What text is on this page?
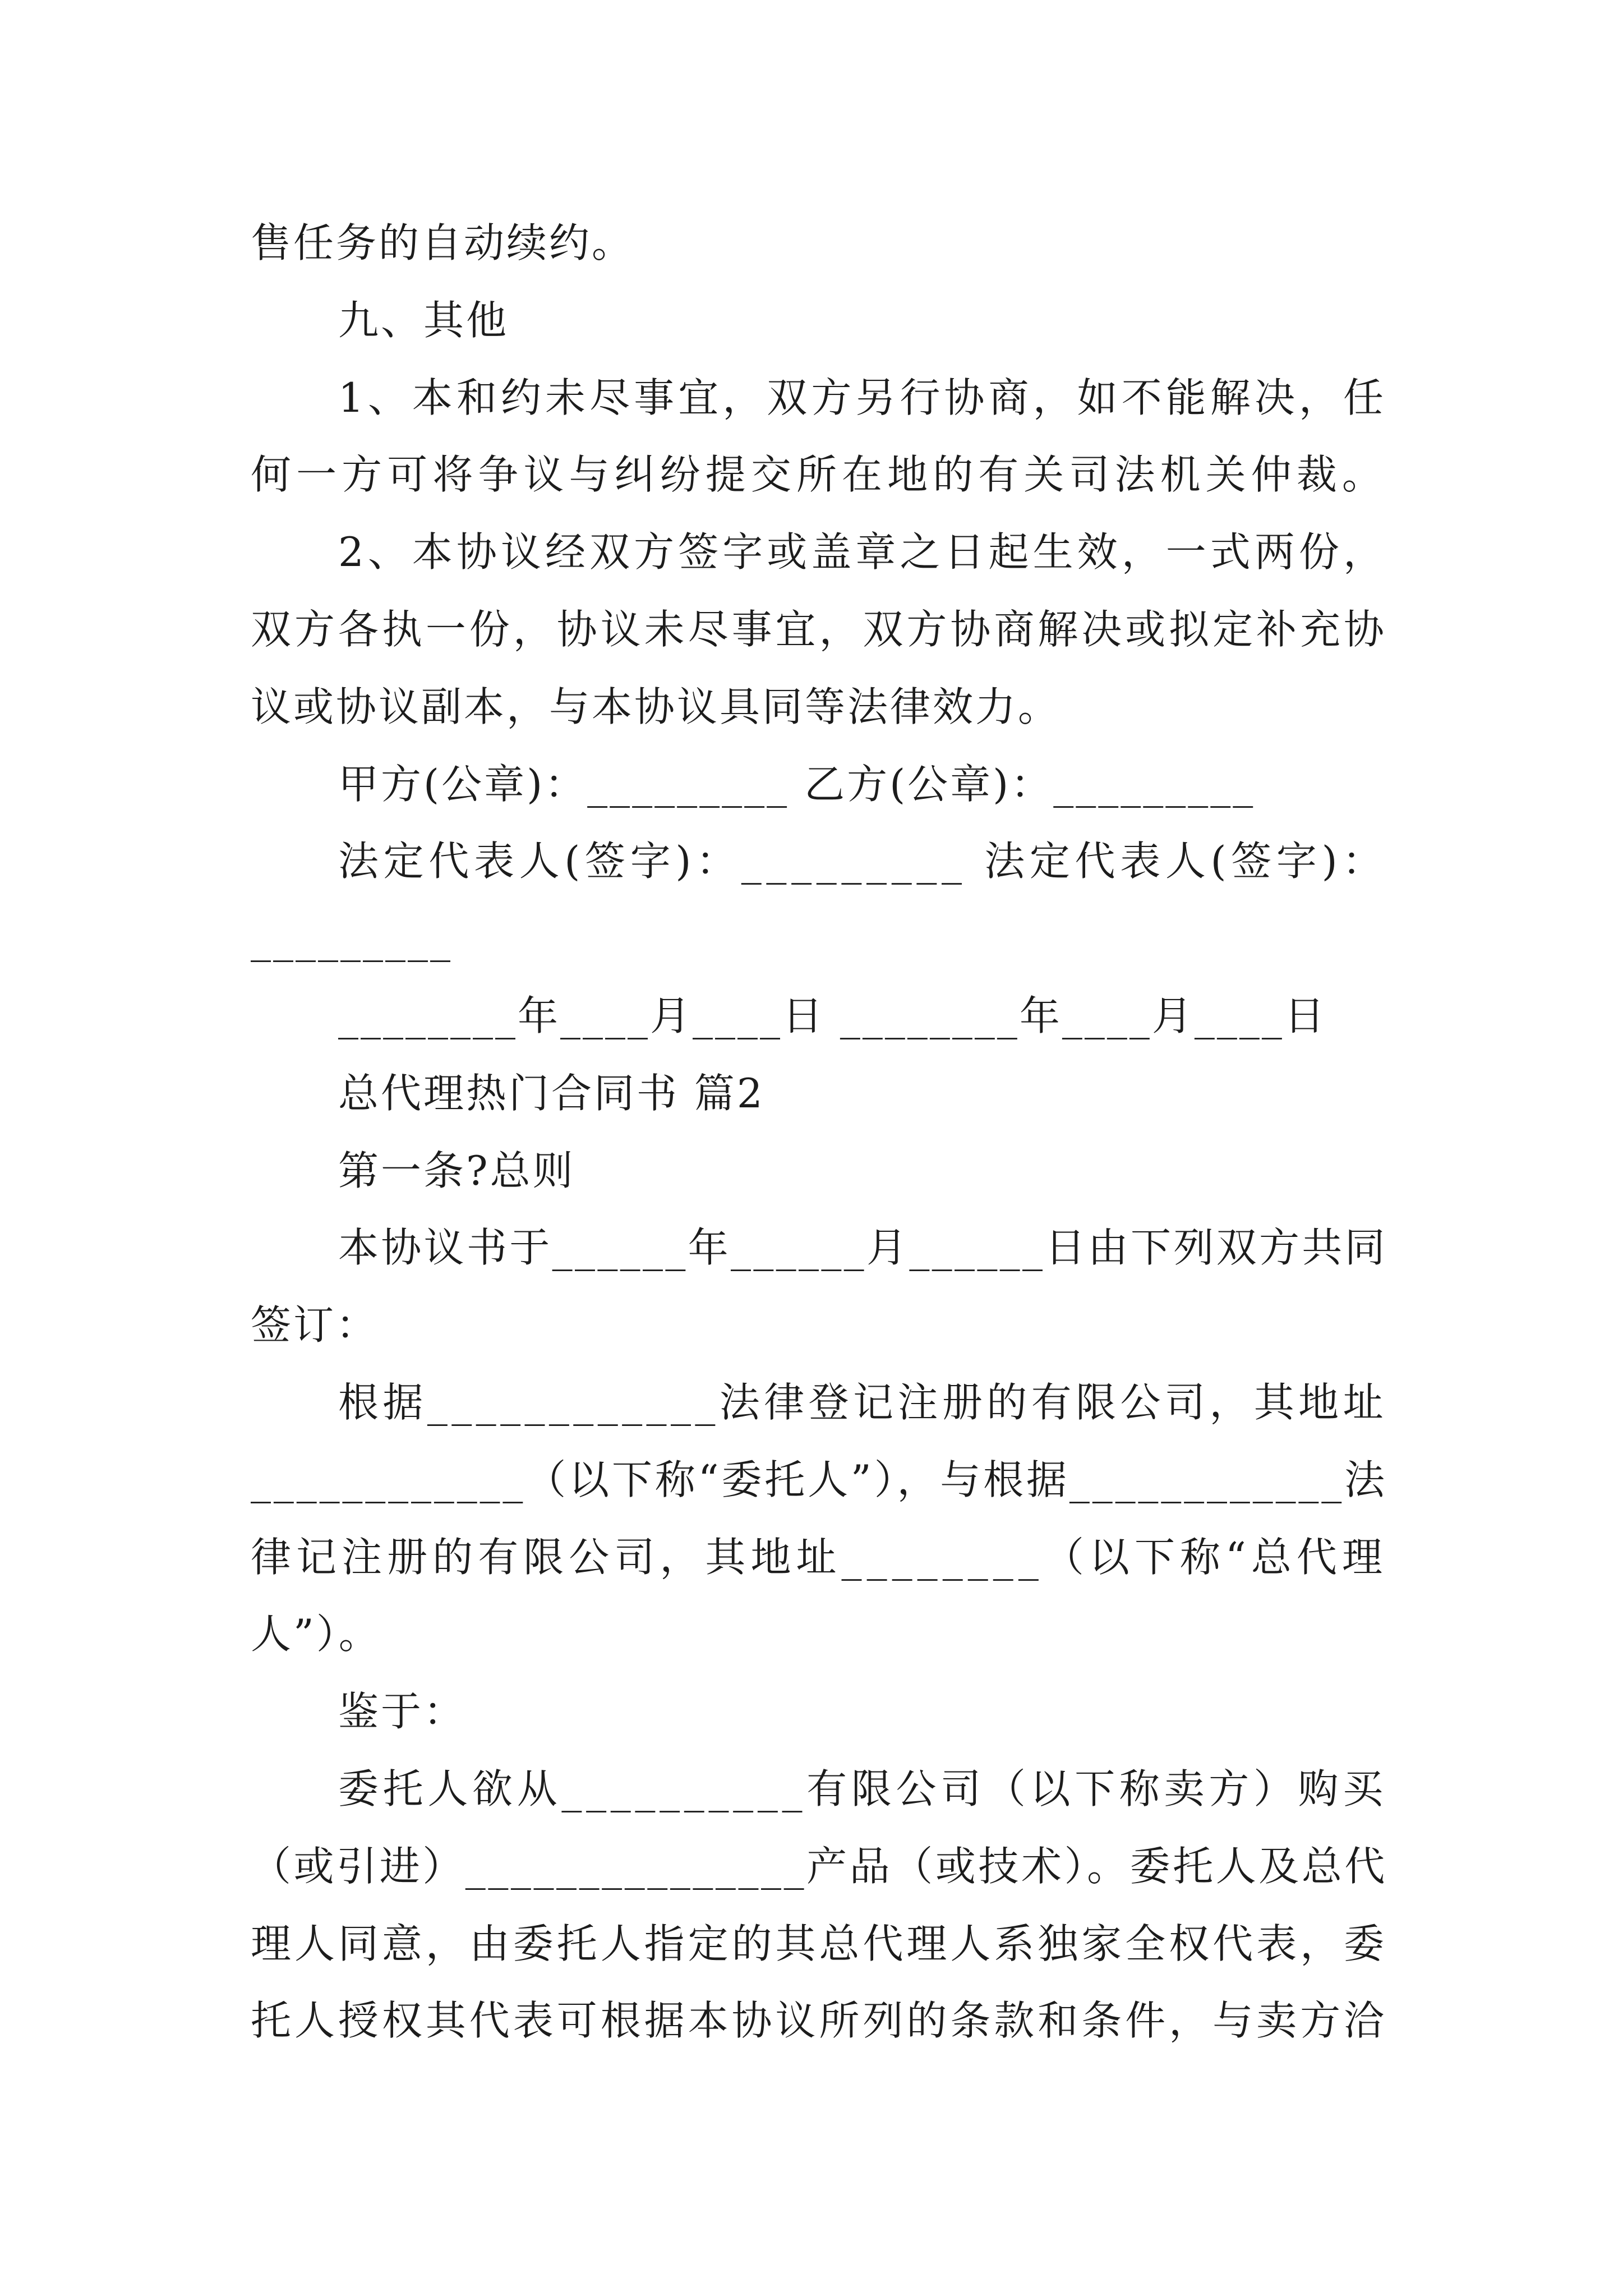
售任务的自动续约。
九、其他
1、本和约未尽事宜，双方另行协商，如不能解决，任
何一方可将争议与纠纷提交所在地的有关司法机关仲裁。
2、本协议经双方签字或盖章之日起生效，一式两份，
双方各执一份，协议未尽事宜，双方协商解决或拟定补充协
议或协议副本，与本协议具同等法律效力。
甲方(公章)：_________ 乙方(公章)：_________
法定代表人(签字)：_________ 法定代表人(签字)：
_________
________年____月____日 ________年____月____日
总代理热门合同书 篇2
第一条?总则
本协议书于______年______月______日由下列双方共同
签订：
根据____________法律登记注册的有限公司，其地址
____________（以下称“委托人”），与根据____________法
律记注册的有限公司，其地址________（以下称“总代理
人”）。
鉴于：
委托人欲从__________有限公司（以下称卖方）购买
（或引进）_______________产品（或技术）。委托人及总代
理人同意，由委托人指定的其总代理人系独家全权代表，委
托人授权其代表可根据本协议所列的条款和条件，与卖方洽
